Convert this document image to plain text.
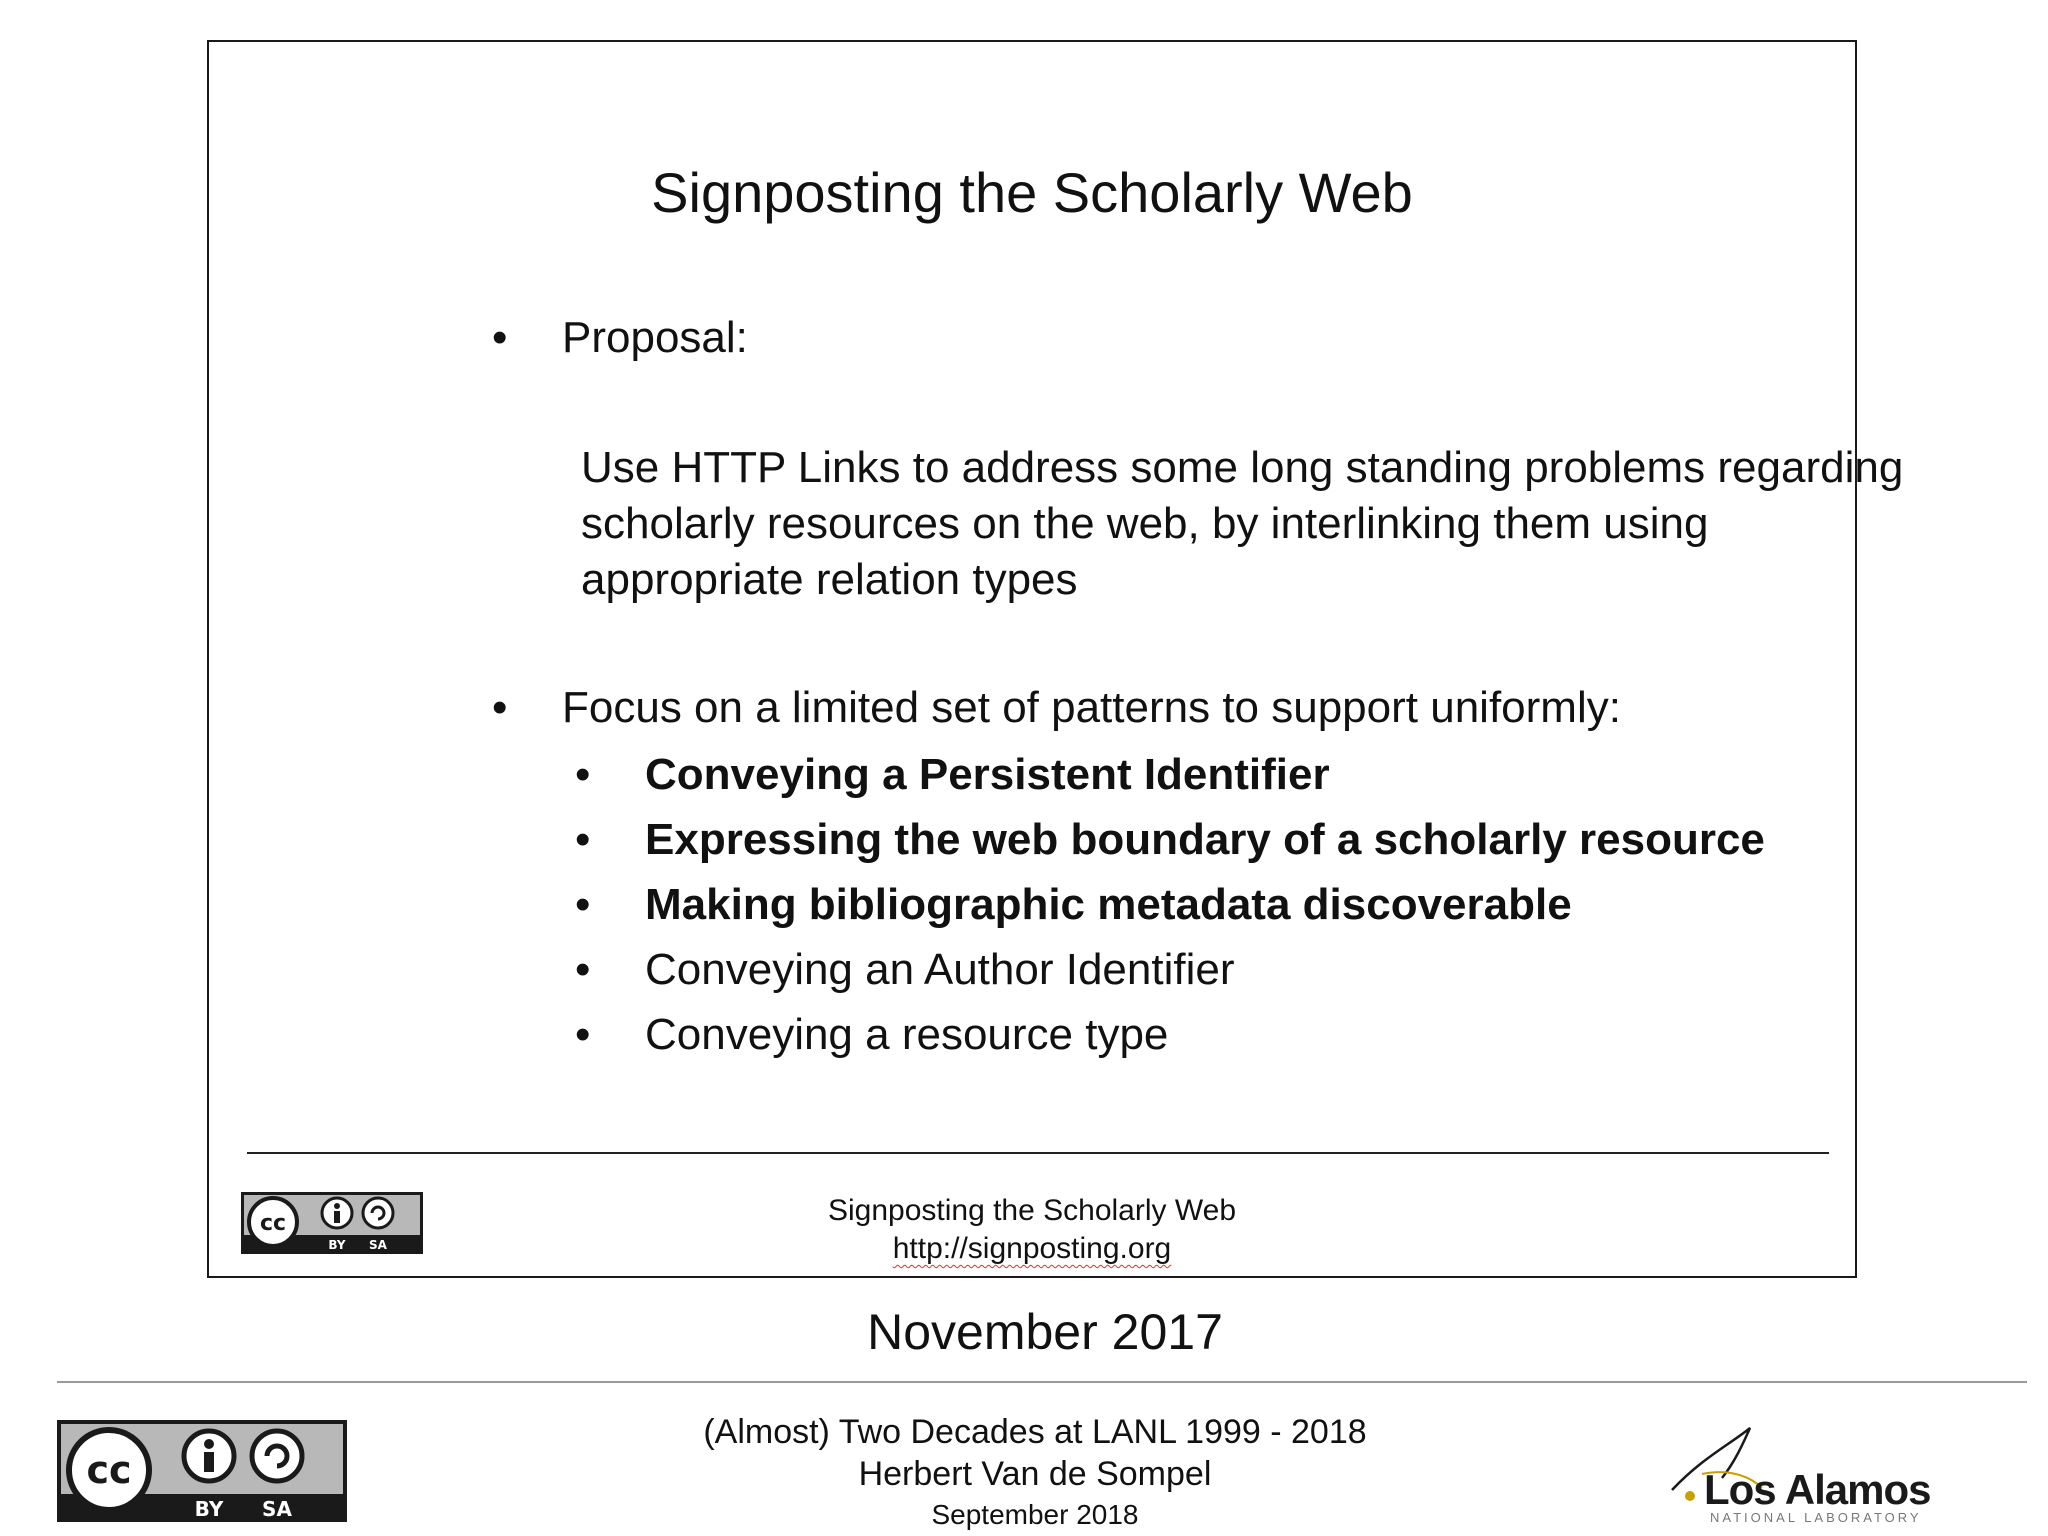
Signposting the Scholarly Web
• Proposal:
Use HTTP Links to address some long standing problems regarding
scholarly resources on the web, by interlinking them using
appropriate relation types
• Focus on a limited set of patterns to support uniformly:
• Conveying a Persistent Identifier
• Expressing the web boundary of a scholarly resource
• Making bibliographic metadata discoverable
• Conveying an Author Identifier
• Conveying a resource type
cc
BY SA
Signposting the Scholarly Web
http://signposting.org
November 2017
cc
BY SA
(Almost) Two Decades at LANL 1999 - 2018
Herbert Van de Sompel
September 2018
Los Alamos
NATIONAL LABORATORY
